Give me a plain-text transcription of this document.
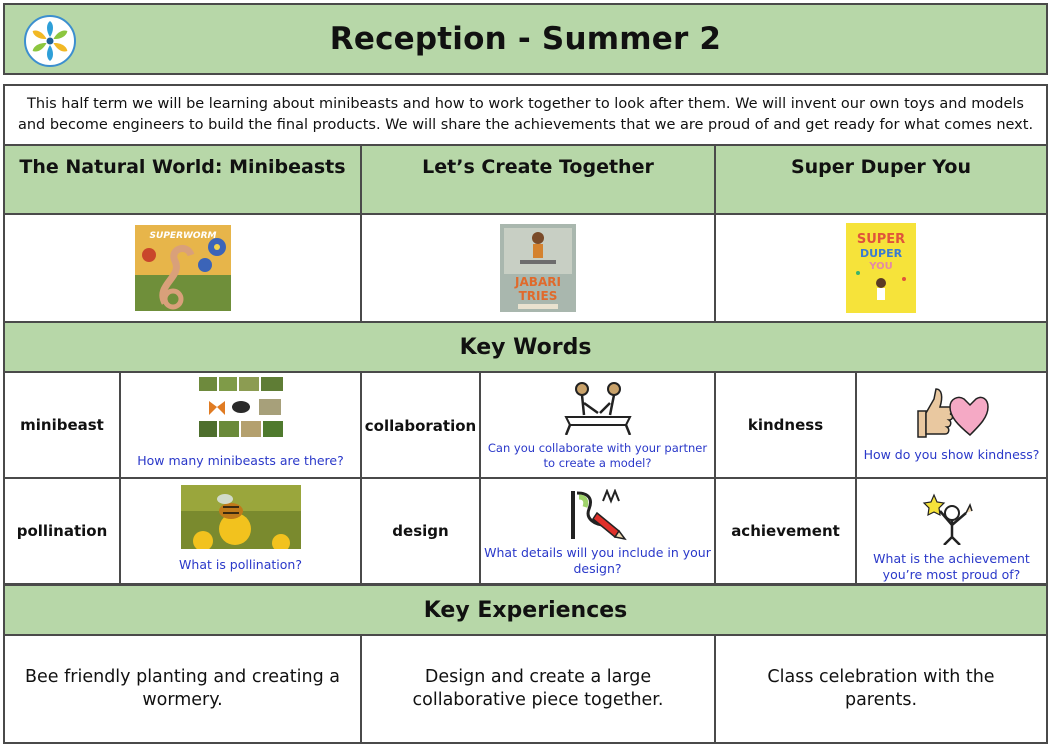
Reception - Summer 2
This half term we will be learning about minibeasts and how to work together to look after them. We will invent our own toys and models and become engineers to build the final products. We will share the achievements that we are proud of and get ready for what comes next.
The Natural World: Minibeasts	Let’s Create Together	Super Duper You
SUPERWORM
JABARI
TRIES
SUPER
DUPER
YOU
Key Words
minibeast
How many minibeasts are there?
collaboration
Can you collaborate with your partner to create a model?
kindness
How do you show kindness?
pollination
What is pollination?
design
What details will you include in your design?
achievement
What is the achievement you’re most proud of?
Key Experiences
Bee friendly planting and creating a wormery.
Design and create a large collaborative piece together.
Class celebration with the parents.
